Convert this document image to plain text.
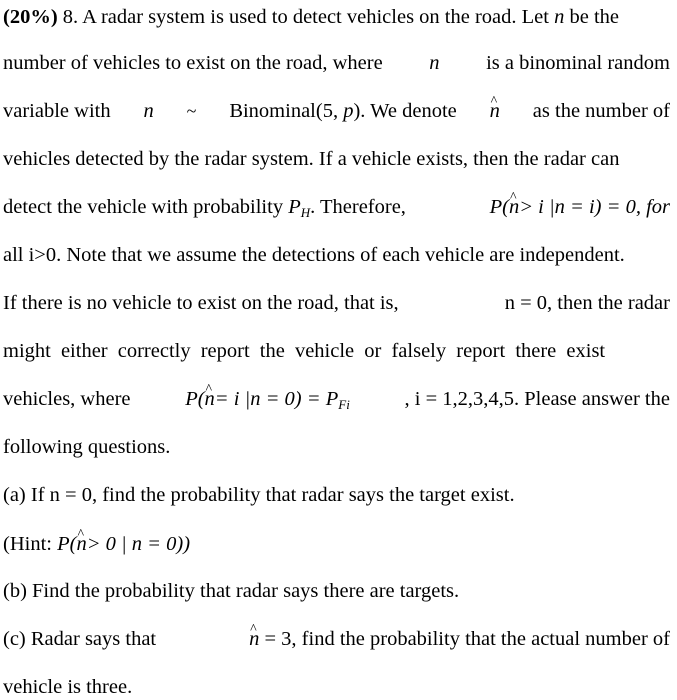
(20%) 8. A radar system is used to detect vehicles on the road. Let n be the
number of vehicles to exist on the road, where n is a binominal random
variable with n ~ Binominal(5, p). We denote n ^ as the number of
vehicles detected by the radar system. If a vehicle exists, then the radar can
detect the vehicle with probability $P_H$. Therefore,	P(n ^> i |n = i) = 0, for
all i>0. Note that we assume the detections of each vehicle are independent.
If there is no vehicle to exist on the road, that is,	n = 0, then the radar
might either correctly report the vehicle or falsely report there exist
vehicles, where	P(n ^= i $|n = 0) = P_{Fi}$	, i = 1,2,3,4,5. Please answer the
following questions.
(a) If n = 0, find the probability that radar says the target exist.
(Hint: P(n ^> 0 | n = 0))
(b) Find the probability that radar says there are targets.
(c) Radar says that	n ^ = 3, find the probability that the actual number of
vehicle is three.
